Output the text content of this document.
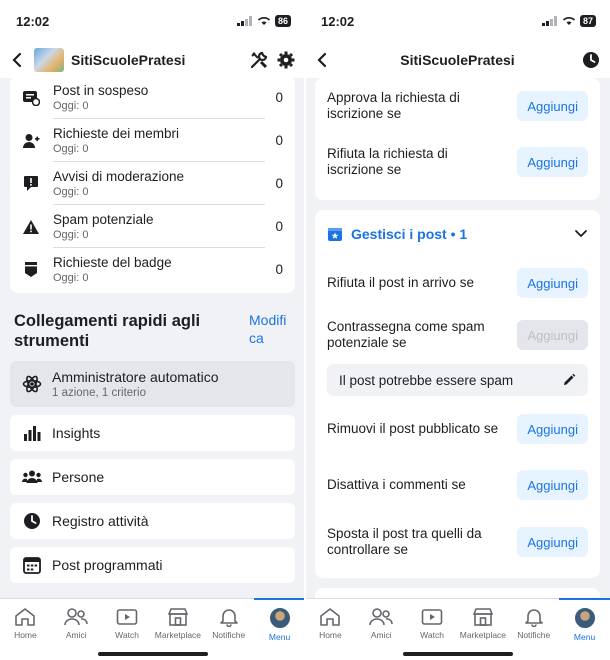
12:02	86
SitiScuolePratesi
Post in sospeso
Oggi: 0
0
Richieste dei membri
Oggi: 0
0
Avvisi di moderazione
Oggi: 0
0
Spam potenziale
Oggi: 0
0
Richieste del badge
Oggi: 0
0
Collegamenti rapidi agli strumenti
Modifi ca
Amministratore automatico
1 azione, 1 criterio
Insights
Persone
Registro attività
Post programmati
Home	Amici	Watch Marketplace Notifiche	Menu
12:02	87
SitiScuolePratesi
Approva la richiesta di iscrizione se	Aggiungi
Rifiuta la richiesta di iscrizione se	Aggiungi
Gestisci i post • 1
Rifiuta il post in arrivo se	Aggiungi
Contrassegna come spam potenziale se	Aggiungi
Il post potrebbe essere spam
Rimuovi il post pubblicato se	Aggiungi
Disattiva i commenti se	Aggiungi
Sposta il post tra quelli da controllare se	Aggiungi
Home	Amici	Watch Marketplace Notifiche	Menu
